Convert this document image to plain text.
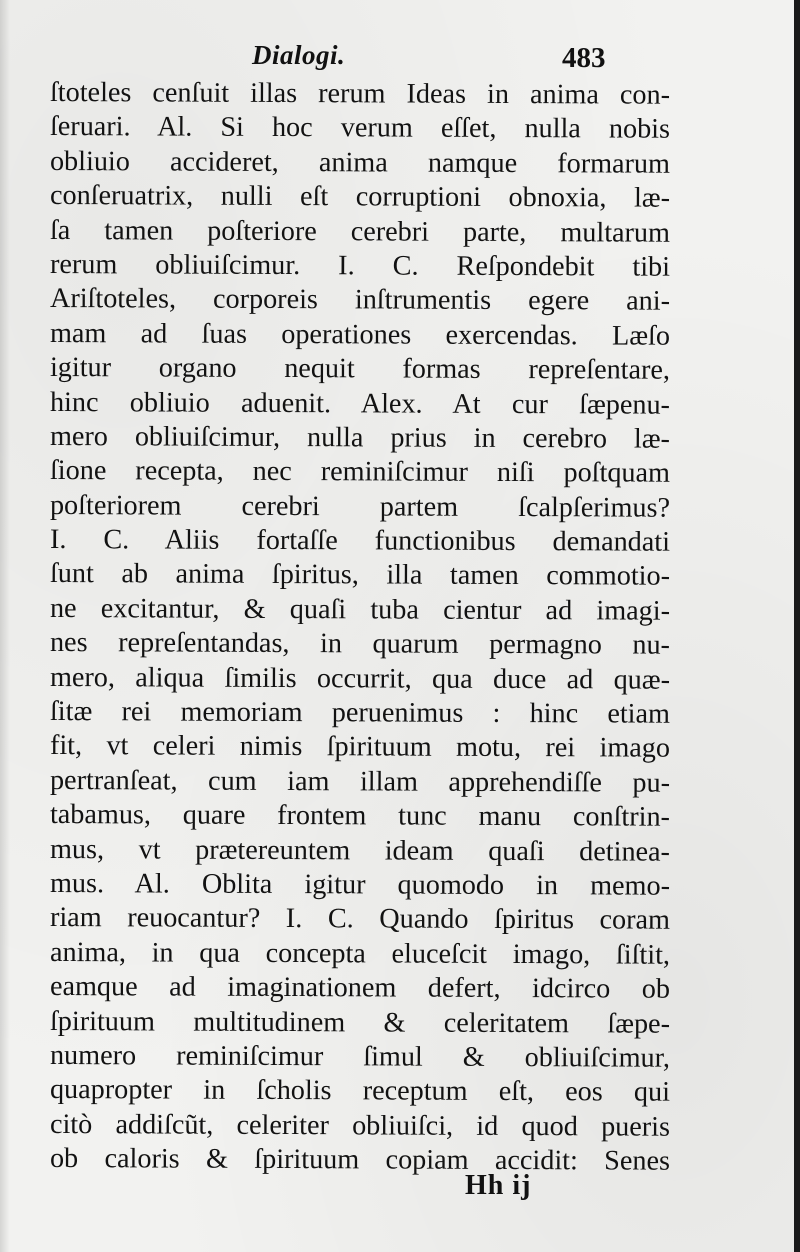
Dialogi.	483
ſtoteles cenſuit illas rerum Ideas in anima con-
ſeruari. Al. Si hoc verum eſſet, nulla nobis
obliuio accideret, anima namque formarum
conſeruatrix, nulli eſt corruptioni obnoxia, læ-
ſa tamen poſteriore cerebri parte, multarum
rerum obliuiſcimur. I. C. Reſpondebit tibi
Ariſtoteles, corporeis inſtrumentis egere ani-
mam ad ſuas operationes exercendas. Læſo
igitur organo nequit formas repreſentare,
hinc obliuio aduenit. Alex. At cur ſæpenu-
mero obliuiſcimur, nulla prius in cerebro læ-
ſione recepta, nec reminiſcimur niſi poſtquam
poſteriorem cerebri partem ſcalpſerimus?
I. C. Aliis fortaſſe functionibus demandati
ſunt ab anima ſpiritus, illa tamen commotio-
ne excitantur, & quaſi tuba cientur ad imagi-
nes repreſentandas, in quarum permagno nu-
mero, aliqua ſimilis occurrit, qua duce ad quæ-
ſitæ rei memoriam peruenimus : hinc etiam
fit, vt celeri nimis ſpirituum motu, rei imago
pertranſeat, cum iam illam apprehendiſſe pu-
tabamus, quare frontem tunc manu conſtrin-
mus, vt prætereuntem ideam quaſi detinea-
mus. Al. Oblita igitur quomodo in memo-
riam reuocantur? I. C. Quando ſpiritus coram
anima, in qua concepta eluceſcit imago, ſiſtit,
eamque ad imaginationem defert, idcirco ob
ſpirituum multitudinem & celeritatem ſæpe-
numero reminiſcimur ſimul & obliuiſcimur,
quapropter in ſcholis receptum eſt, eos qui
citò addiſcũt, celeriter obliuiſci, id quod pueris
ob caloris & ſpirituum copiam accidit: Senes
Hh ij
